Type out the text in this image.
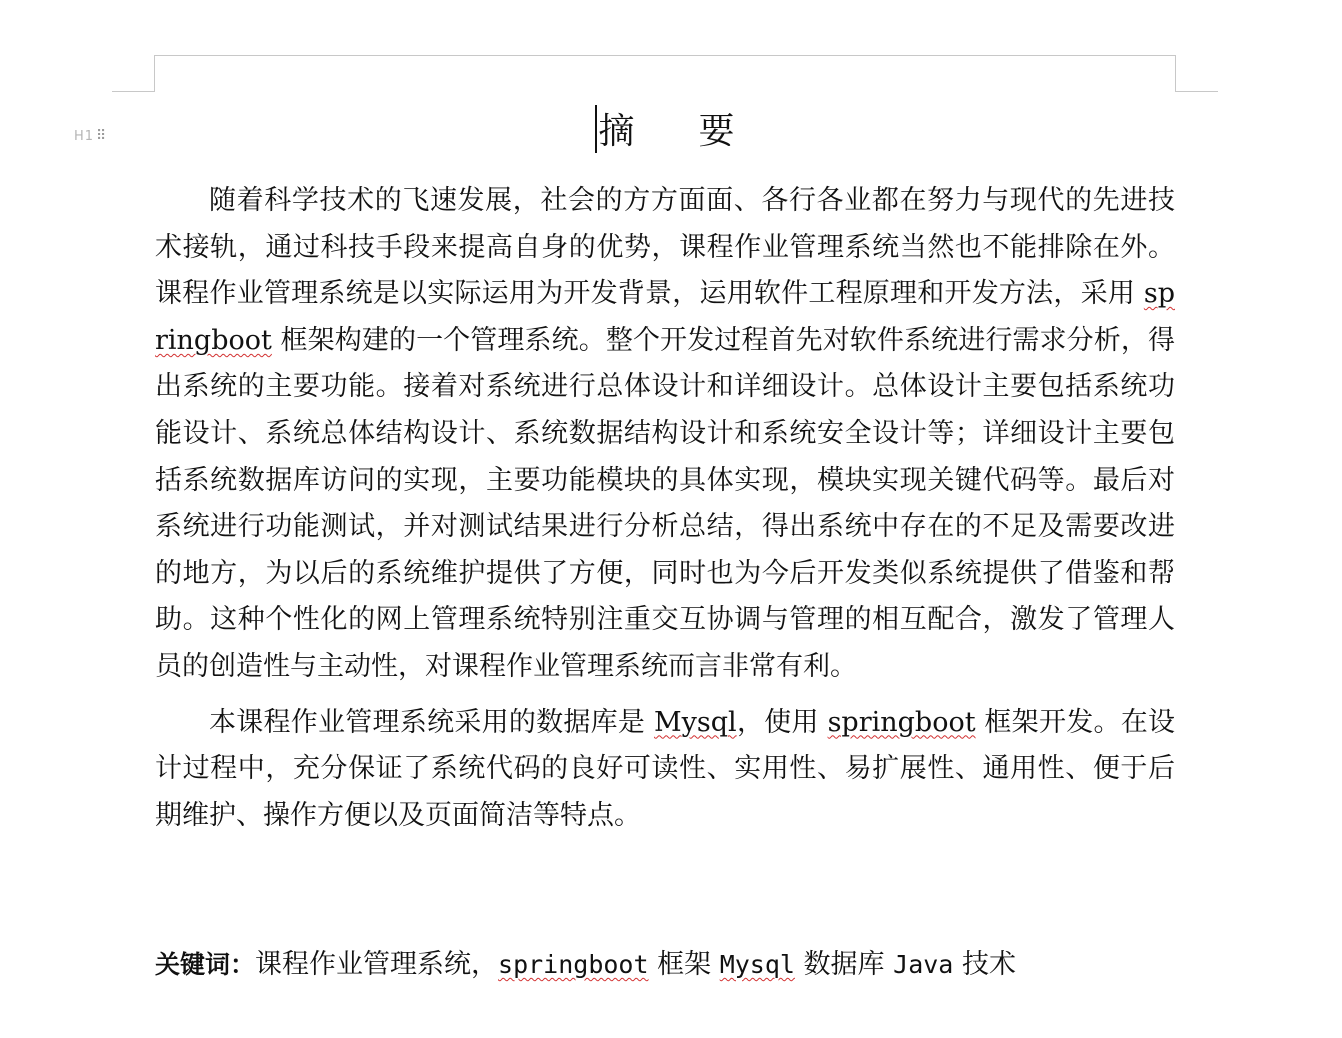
H1 ⠿	摘　要

随着科学技术的飞速发展，社会的方方面面、各行各业都在努力与现代的先进技术接轨，通过科技手段来提高自身的优势，课程作业管理系统当然也不能排除在外。课程作业管理系统是以实际运用为开发背景，运用软件工程原理和开发方法，采用 springboot 框架构建的一个管理系统。整个开发过程首先对软件系统进行需求分析，得出系统的主要功能。接着对系统进行总体设计和详细设计。总体设计主要包括系统功能设计、系统总体结构设计、系统数据结构设计和系统安全设计等；详细设计主要包括系统数据库访问的实现，主要功能模块的具体实现，模块实现关键代码等。最后对系统进行功能测试，并对测试结果进行分析总结，得出系统中存在的不足及需要改进的地方，为以后的系统维护提供了方便，同时也为今后开发类似系统提供了借鉴和帮助。这种个性化的网上管理系统特别注重交互协调与管理的相互配合，激发了管理人员的创造性与主动性，对课程作业管理系统而言非常有利。

本课程作业管理系统采用的数据库是 Mysql，使用 springboot 框架开发。在设计过程中，充分保证了系统代码的良好可读性、实用性、易扩展性、通用性、便于后期维护、操作方便以及页面简洁等特点。

关键词：课程作业管理系统，springboot 框架 Mysql 数据库 Java 技术
